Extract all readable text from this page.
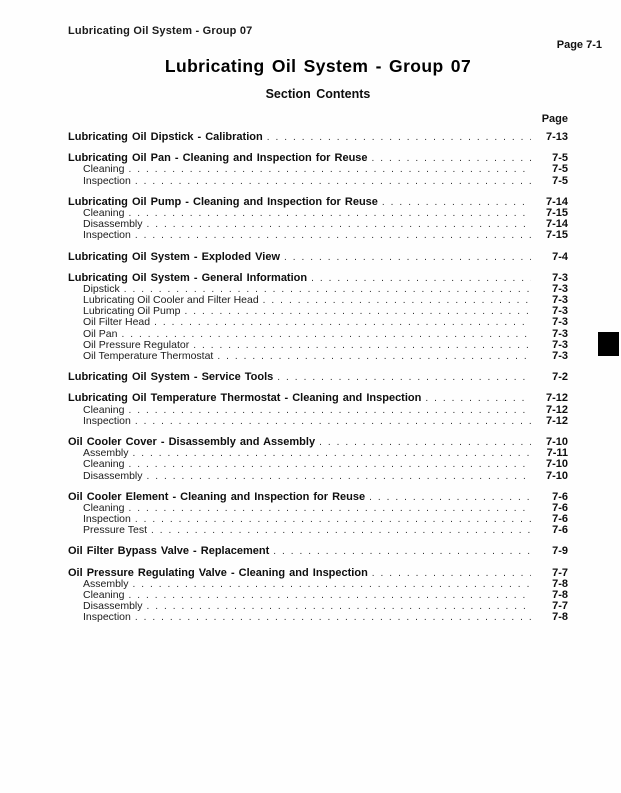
Lubricating Oil System - Group 07
Page 7-1
Lubricating Oil System - Group 07
Section Contents
Page
Lubricating Oil Dipstick - Calibration . . .	7-13
Lubricating Oil Pan - Cleaning and Inspection for Reuse . . .	7-5
Cleaning . . .	7-5
Inspection . . .	7-5
Lubricating Oil Pump - Cleaning and Inspection for Reuse . . .	7-14
Cleaning . . .	7-15
Disassembly . . .	7-14
Inspection . . .	7-15
Lubricating Oil System - Exploded View . . .	7-4
Lubricating Oil System - General Information . . .	7-3
Dipstick . . .	7-3
Lubricating Oil Cooler and Filter Head . . .	7-3
Lubricating Oil Pump . . .	7-3
Oil Filter Head . . .	7-3
Oil Pan . . .	7-3
Oil Pressure Regulator . . .	7-3
Oil Temperature Thermostat . . .	7-3
Lubricating Oil System - Service Tools . . .	7-2
Lubricating Oil Temperature Thermostat - Cleaning and Inspection . . .	7-12
Cleaning . . .	7-12
Inspection . . .	7-12
Oil Cooler Cover - Disassembly and Assembly . . .	7-10
Assembly . . .	7-11
Cleaning . . .	7-10
Disassembly . . .	7-10
Oil Cooler Element - Cleaning and Inspection for Reuse . . .	7-6
Cleaning . . .	7-6
Inspection . . .	7-6
Pressure Test . . .	7-6
Oil Filter Bypass Valve - Replacement . . .	7-9
Oil Pressure Regulating Valve - Cleaning and Inspection . . .	7-7
Assembly . . .	7-8
Cleaning . . .	7-8
Disassembly . . .	7-7
Inspection . . .	7-8
